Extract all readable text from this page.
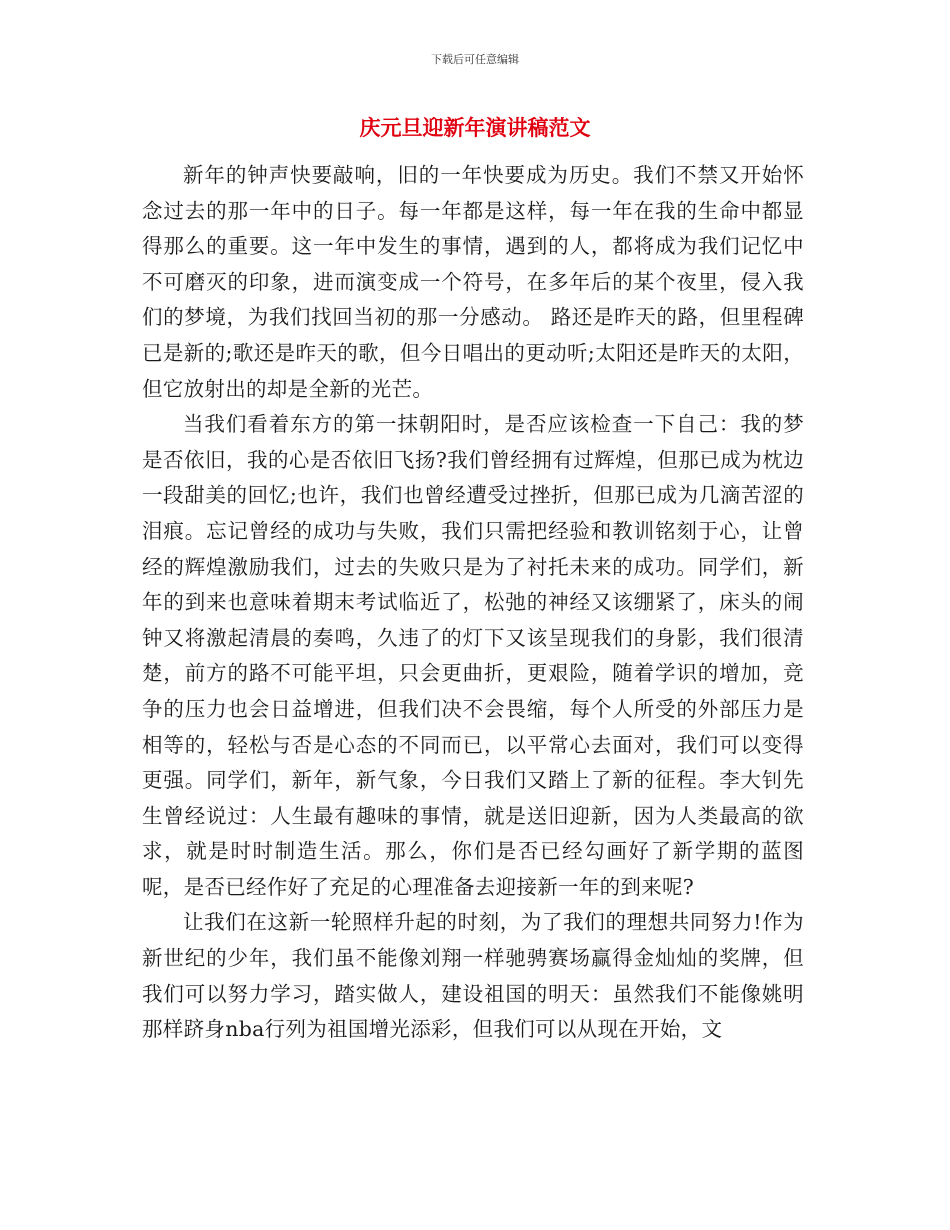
下载后可任意编辑
庆元旦迎新年演讲稿范文

新年的钟声快要敲响，旧的一年快要成为历史。我们不禁又开始怀念过去的那一年中的日子。每一年都是这样，每一年在我的生命中都显得那么的重要。这一年中发生的事情，遇到的人，都将成为我们记忆中不可磨灭的印象，进而演变成一个符号，在多年后的某个夜里，侵入我们的梦境，为我们找回当初的那一分感动。 路还是昨天的路，但里程碑已是新的;歌还是昨天的歌，但今日唱出的更动听;太阳还是昨天的太阳，但它放射出的却是全新的光芒。

当我们看着东方的第一抹朝阳时，是否应该检查一下自己：我的梦是否依旧，我的心是否依旧飞扬?我们曾经拥有过辉煌，但那已成为枕边一段甜美的回忆;也许，我们也曾经遭受过挫折，但那已成为几滴苦涩的泪痕。忘记曾经的成功与失败，我们只需把经验和教训铭刻于心，让曾经的辉煌激励我们，过去的失败只是为了衬托未来的成功。同学们，新年的到来也意味着期末考试临近了，松弛的神经又该绷紧了，床头的闹钟又将激起清晨的奏鸣，久违了的灯下又该呈现我们的身影，我们很清楚，前方的路不可能平坦，只会更曲折，更艰险，随着学识的增加，竞争的压力也会日益增进，但我们决不会畏缩，每个人所受的外部压力是相等的，轻松与否是心态的不同而已，以平常心去面对，我们可以变得更强。同学们，新年，新气象，今日我们又踏上了新的征程。李大钊先生曾经说过：人生最有趣味的事情，就是送旧迎新，因为人类最高的欲求，就是时时制造生活。那么，你们是否已经勾画好了新学期的蓝图呢，是否已经作好了充足的心理准备去迎接新一年的到来呢?

让我们在这新一轮照样升起的时刻，为了我们的理想共同努力!作为新世纪的少年，我们虽不能像刘翔一样驰骋赛场赢得金灿灿的奖牌，但我们可以努力学习，踏实做人，建设祖国的明天：虽然我们不能像姚明那样跻身nba行列为祖国增光添彩，但我们可以从现在开始，文
